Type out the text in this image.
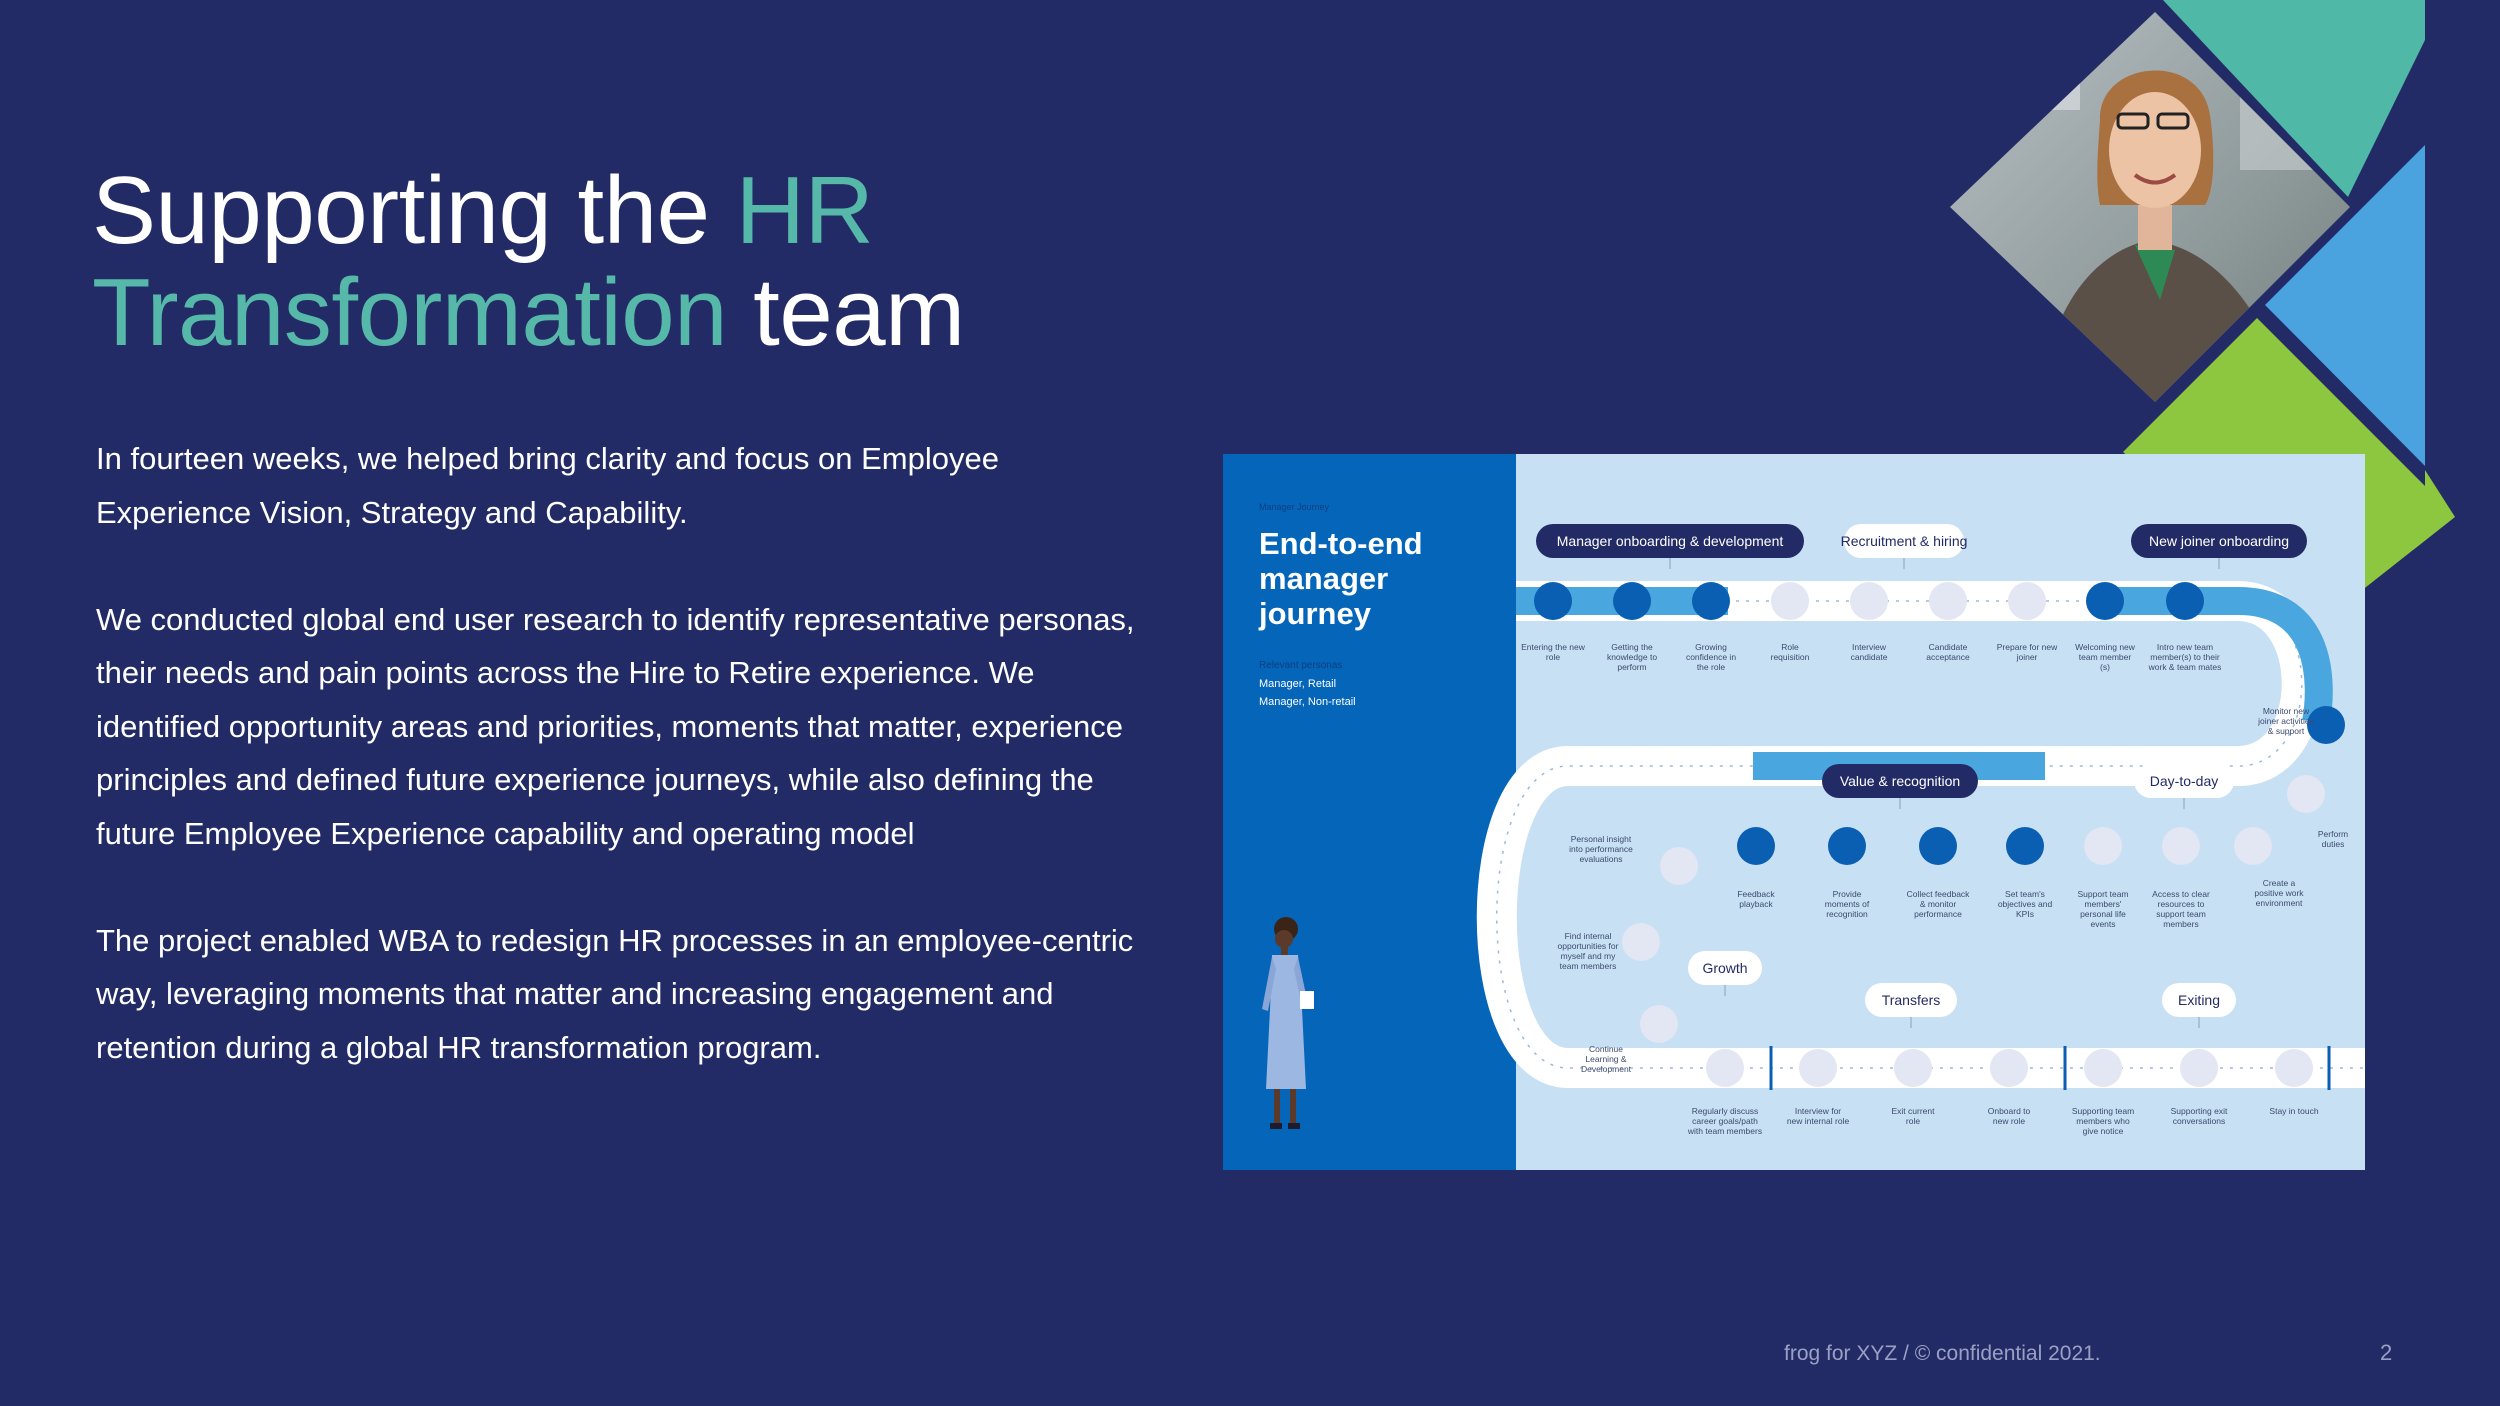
Supporting the HR
Transformation team

In fourteen weeks, we helped bring clarity and focus on Employee Experience Vision, Strategy and Capability.

We conducted global end user research to identify representative personas, their needs and pain points across the Hire to Retire experience. We identified opportunity areas and priorities, moments that matter, experience principles and defined future experience journeys, while also defining the future Employee Experience capability and operating model

The project enabled WBA to redesign HR processes in an employee-centric way, leveraging moments that matter and increasing engagement and retention during a global HR transformation program.

Manager Journey
End-to-end
manager
journey
Relevant personas
Manager, Retail
Manager, Non-retail
Entering the new role
Getting the knowledge to perform
Growing confidence in the role
Role requisition
Interview candidate
Candidate acceptance
Prepare for new joiner
Welcoming new team member (s)
Intro new team member(s) to their work & team mates
Monitor new joiner activities & support
Perform duties
Create a positive work environment
Feedback playback
Provide moments of recognition
Collect feedback & monitor performance
Set team's objectives and KPIs
Support team members' personal life events
Access to clear resources to support team members
Personal insight into performance evaluations
Find internal opportunities for myself and my team members
Continue Learning & Development
Regularly discuss career goals/path with team members
Interview for new internal role
Exit current role
Onboard to new role
Supporting team members who give notice
Supporting exit conversations
Stay in touch
Manager onboarding & development	Recruitment & hiring	New joiner onboarding
Value & recognition	Day-to-day
Growth
Transfers	Exiting
frog for XYZ / © confidential 2021.	2
